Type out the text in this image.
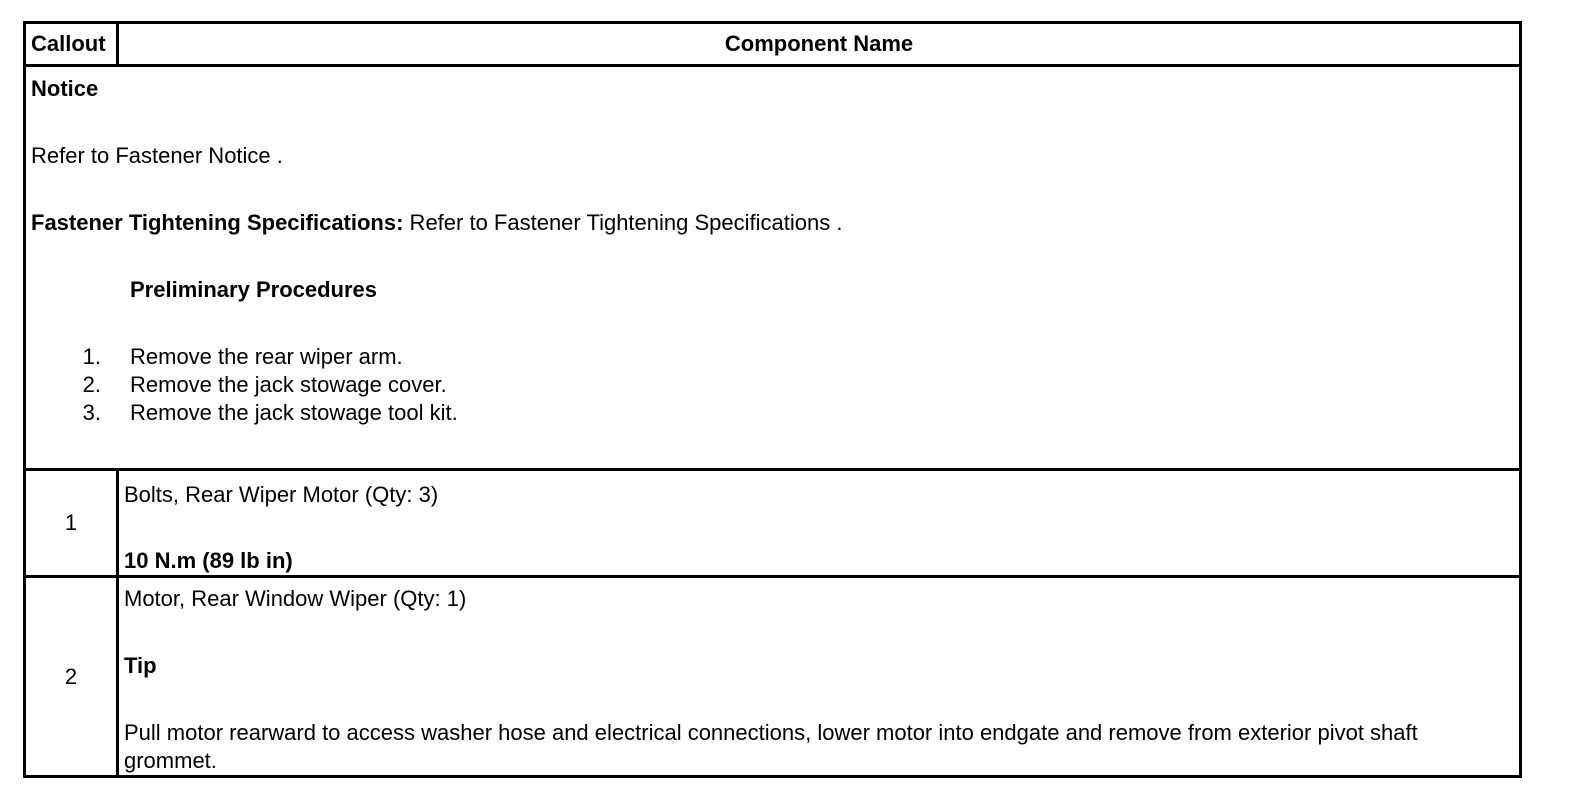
Callout	Component Name
Notice
Refer to Fastener Notice .
Fastener Tightening Specifications: Refer to Fastener Tightening Specifications .
Preliminary Procedures
1. Remove the rear wiper arm.
2. Remove the jack stowage cover.
3. Remove the jack stowage tool kit.
1
Bolts, Rear Wiper Motor (Qty: 3)
10 N.m (89 lb in)
2
Motor, Rear Window Wiper (Qty: 1)
Tip
Pull motor rearward to access washer hose and electrical connections, lower motor into endgate and remove from exterior pivot shaft grommet.
